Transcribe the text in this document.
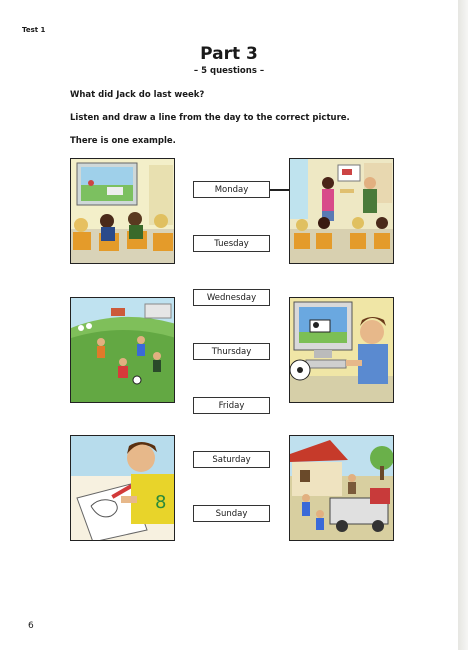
Test 1
Part 3
– 5 questions –
What did Jack do last week?
Listen and draw a line from the day to the correct picture.
There is one example.
Monday
Tuesday
Wednesday
Thursday
Friday
Saturday
Sunday
8
6
